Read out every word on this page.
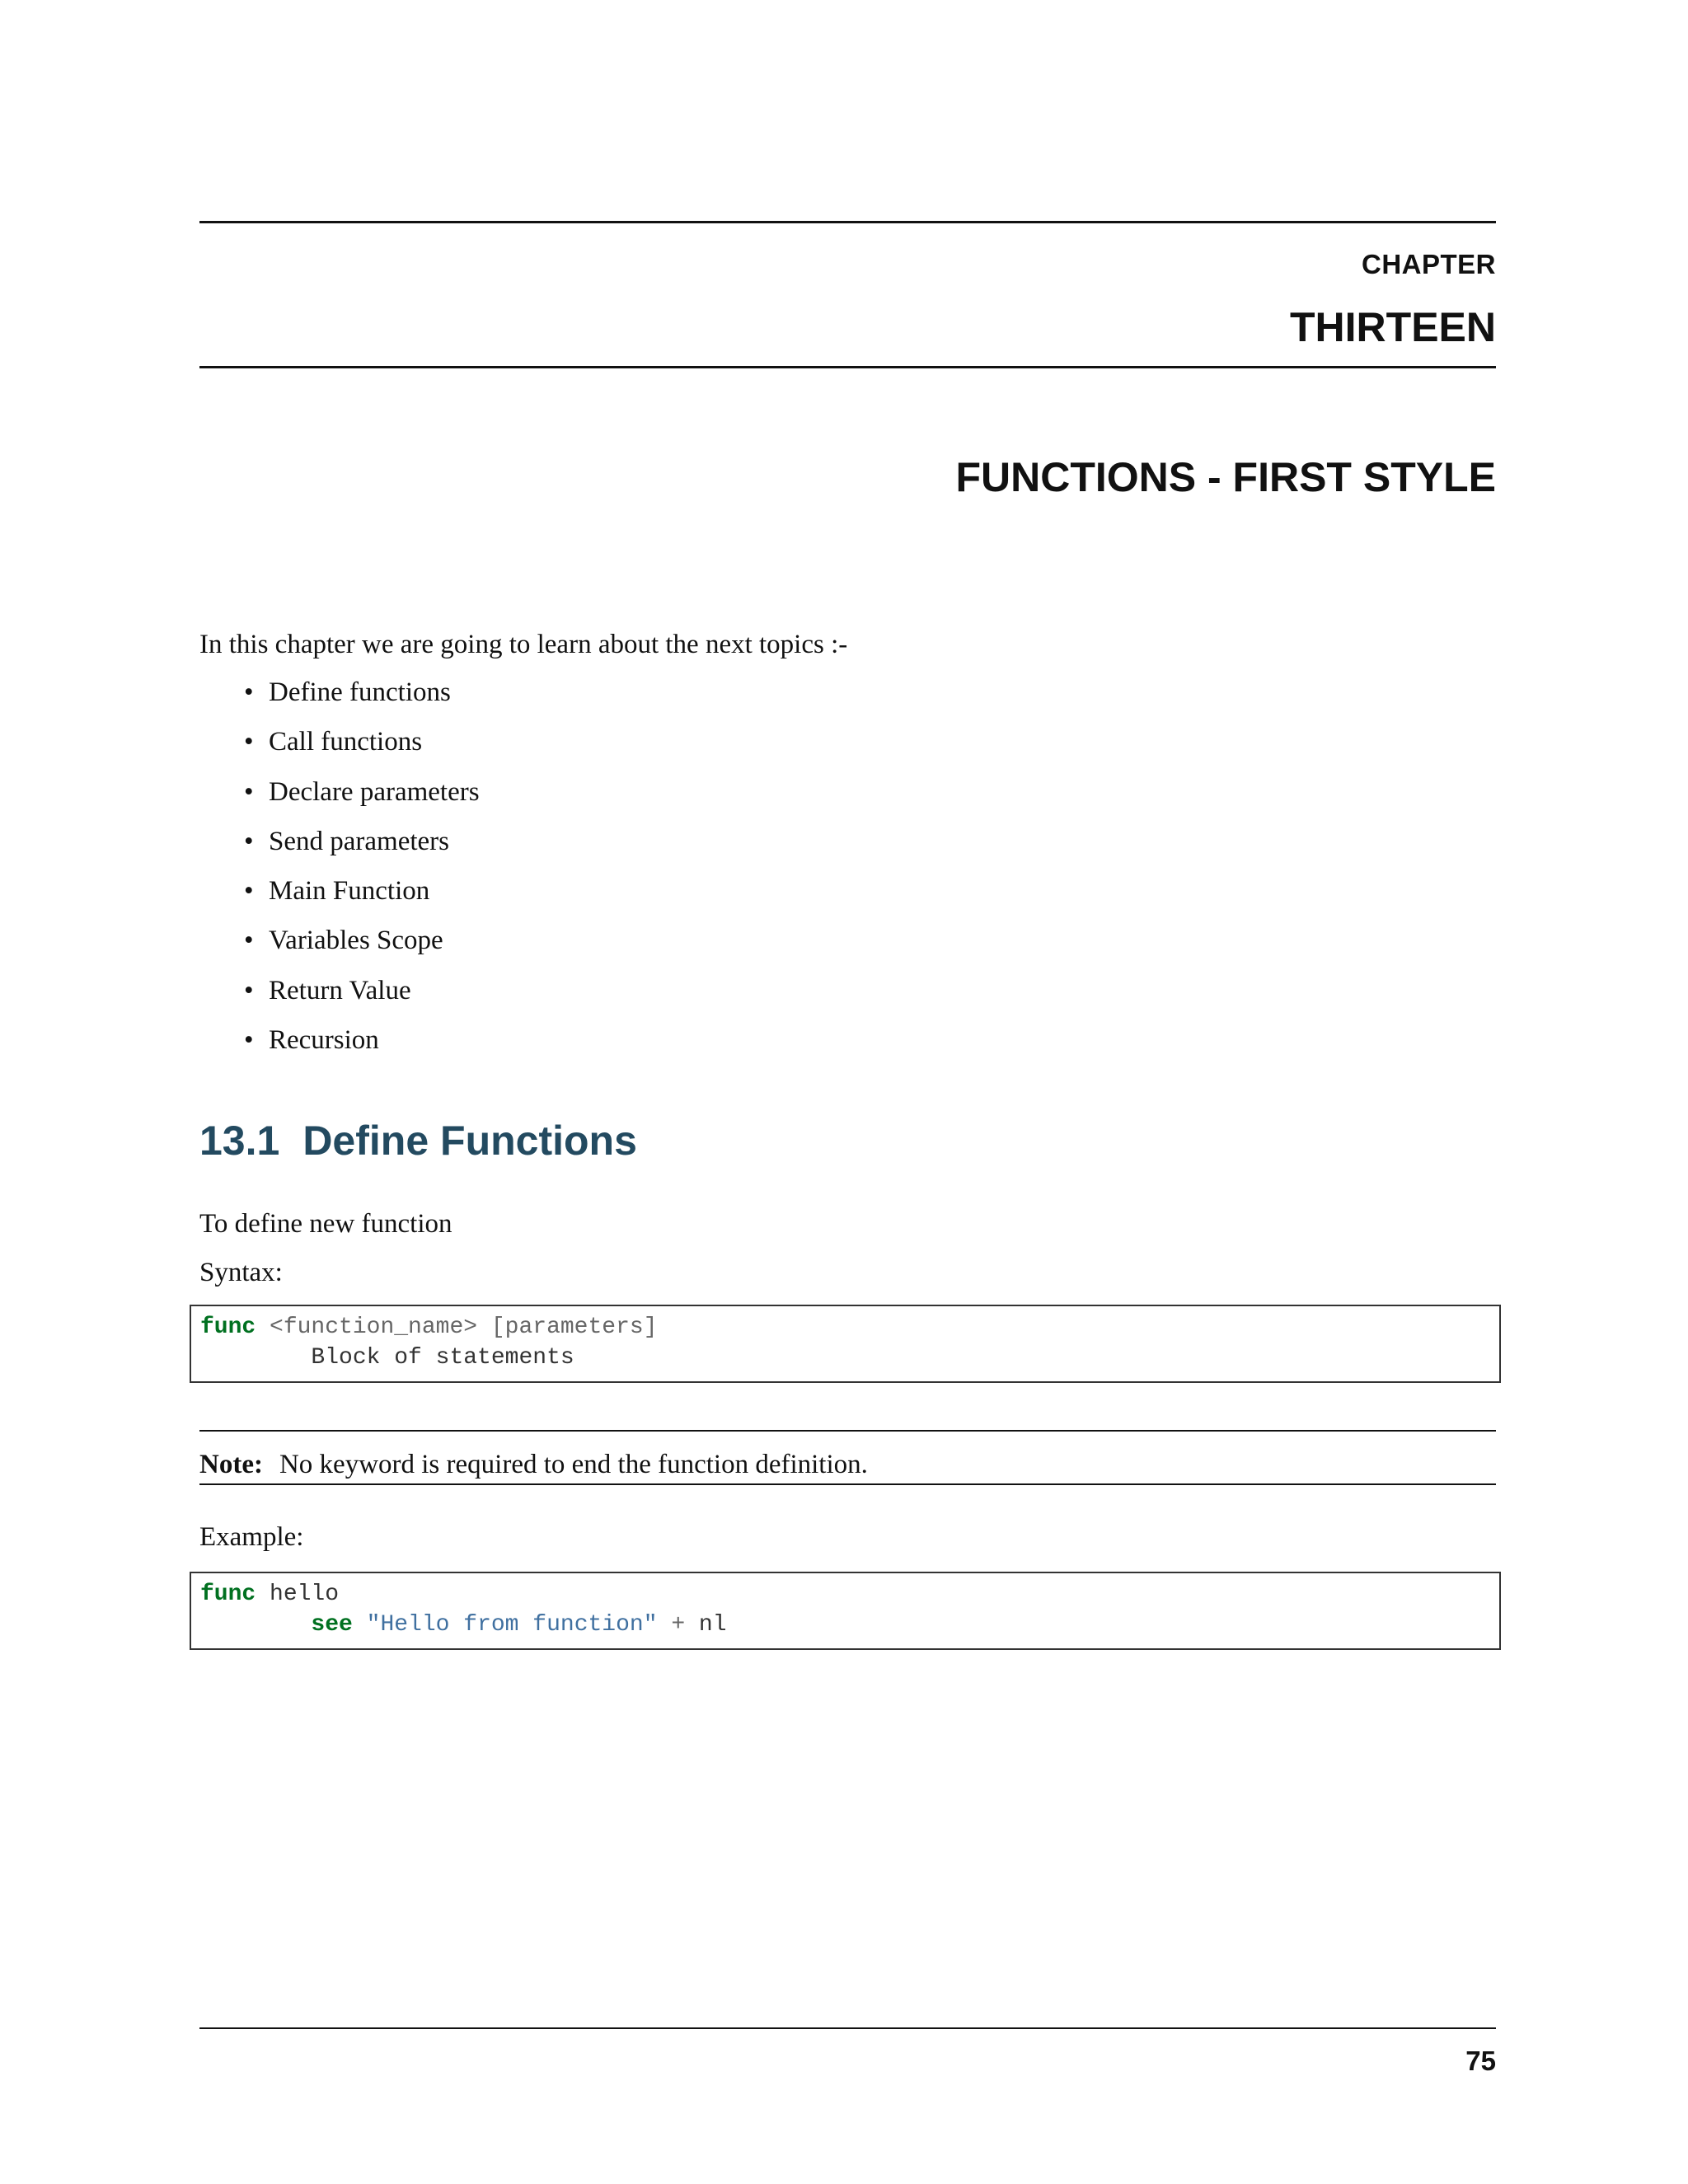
CHAPTER
THIRTEEN
FUNCTIONS - FIRST STYLE
In this chapter we are going to learn about the next topics :-
• Define functions
• Call functions
• Declare parameters
• Send parameters
• Main Function
• Variables Scope
• Return Value
• Recursion
13.1 Define Functions
To define new function
Syntax:
func <function_name> [parameters]
Block of statements
Note: No keyword is required to end the function definition.
Example:
func hello
see "Hello from function" + nl
75
